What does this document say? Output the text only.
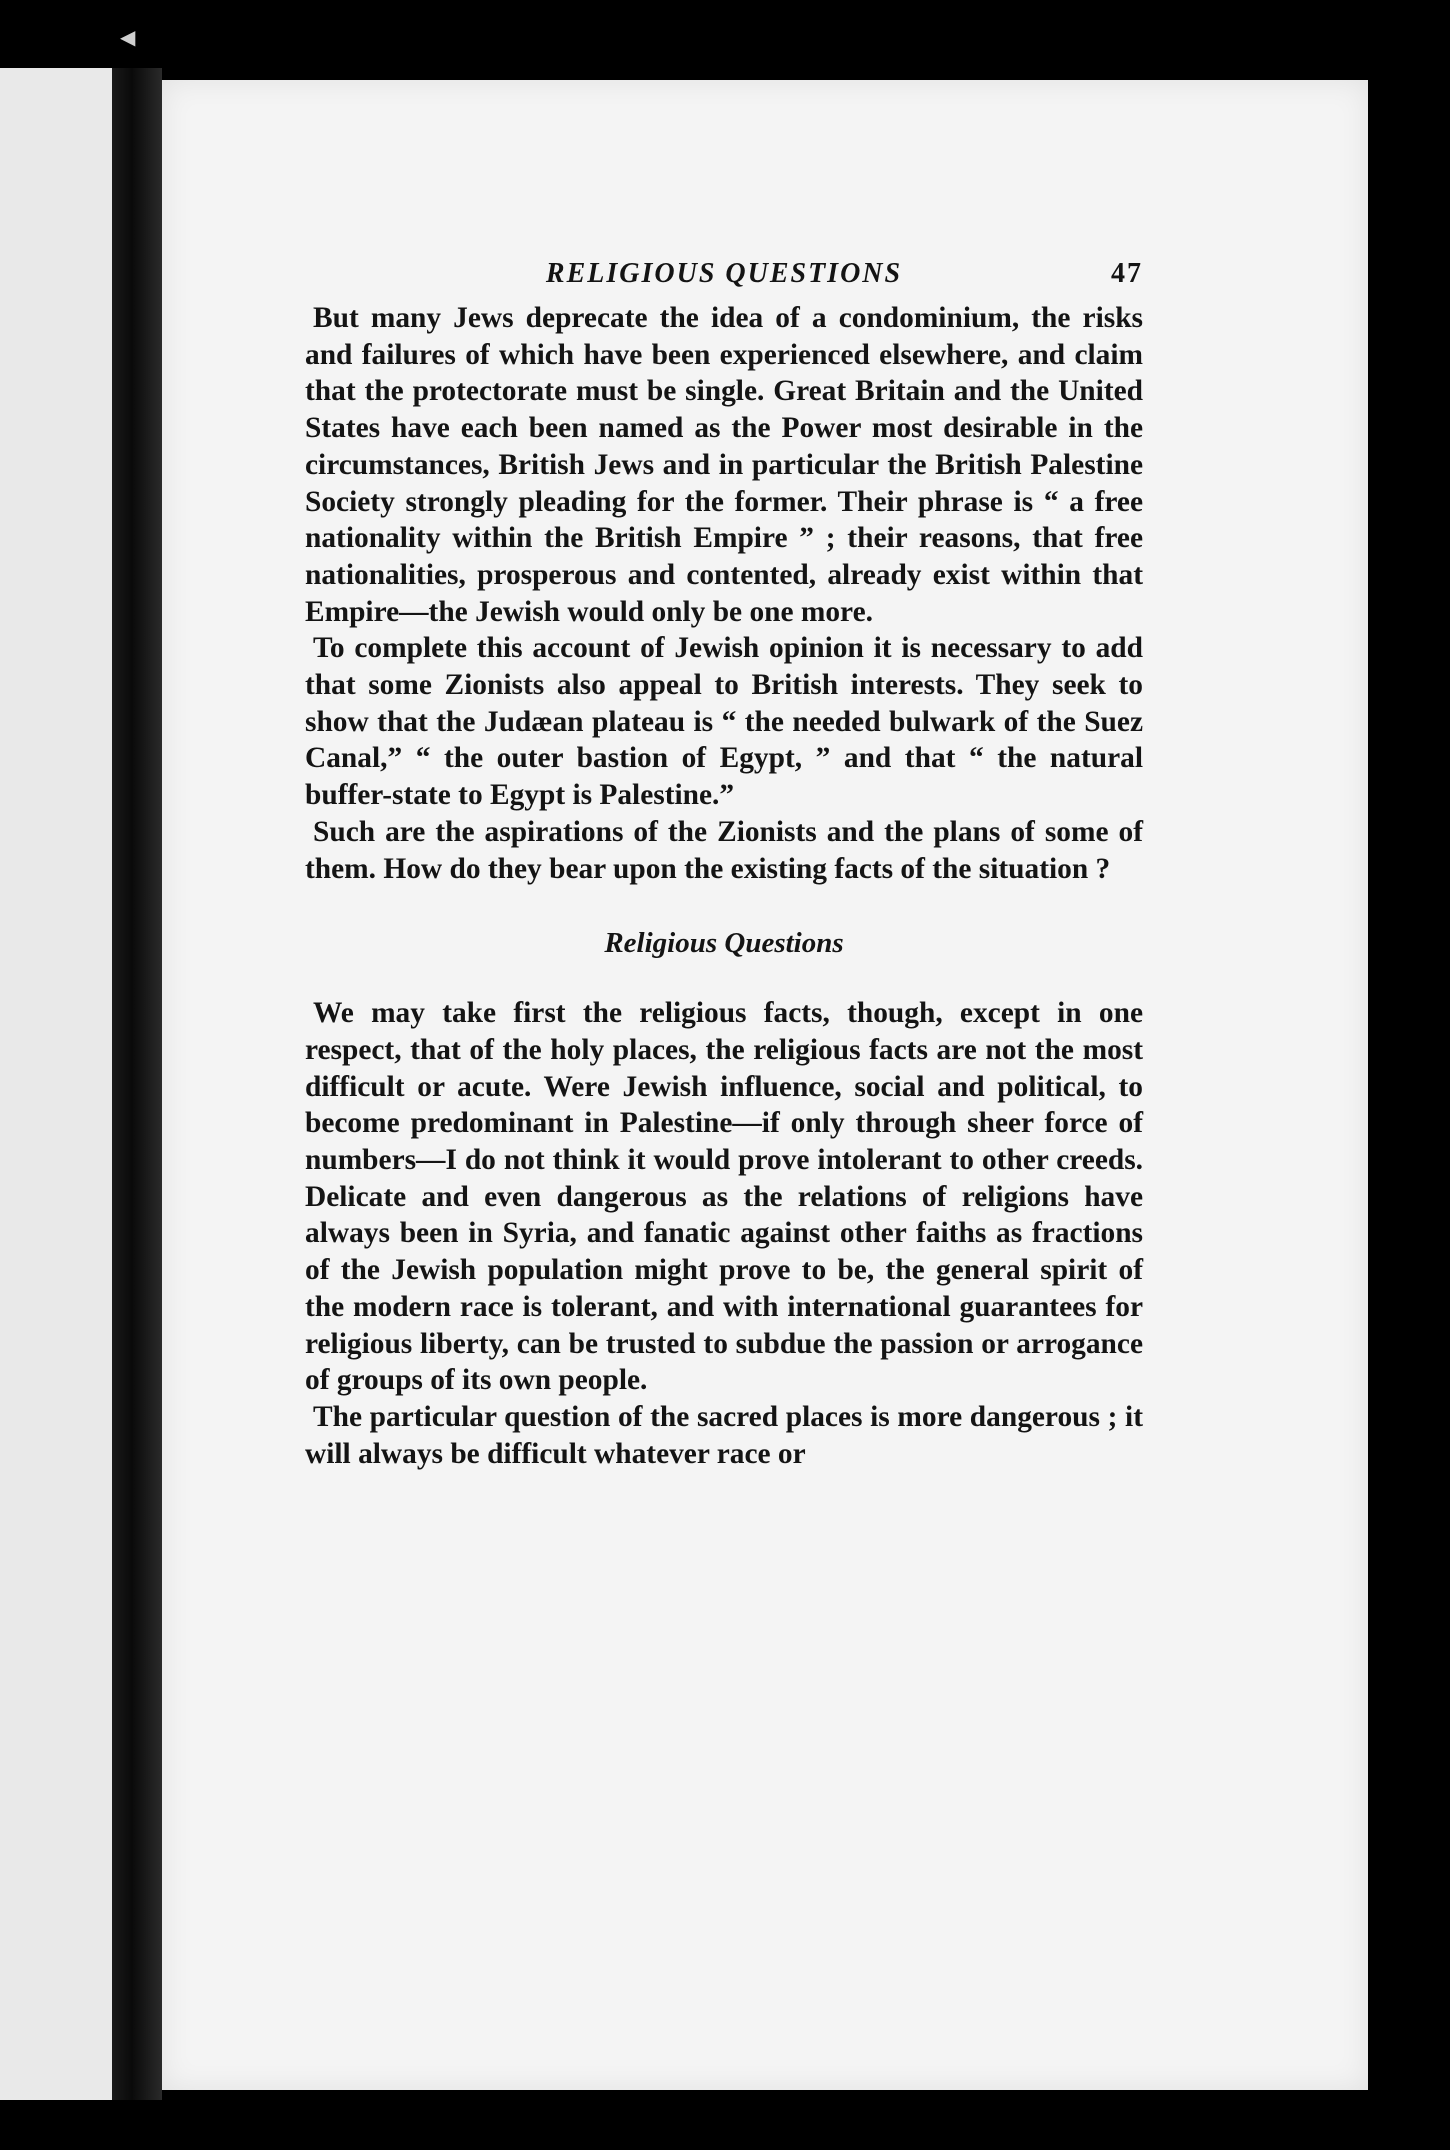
◀
RELIGIOUS QUESTIONS	47

But many Jews deprecate the idea of a condominium, the risks and failures of which have been experienced elsewhere, and claim that the protectorate must be single. Great Britain and the United States have each been named as the Power most desirable in the circumstances, British Jews and in particular the British Palestine Society strongly pleading for the former. Their phrase is “ a free nationality within the British Empire ” ; their reasons, that free nationalities, prosperous and contented, already exist within that Empire—the Jewish would only be one more.

To complete this account of Jewish opinion it is necessary to add that some Zionists also appeal to British interests. They seek to show that the Judæan plateau is “ the needed bulwark of the Suez Canal,” “ the outer bastion of Egypt, ” and that “ the natural buffer-state to Egypt is Palestine.”

Such are the aspirations of the Zionists and the plans of some of them. How do they bear upon the existing facts of the situation ?

Religious Questions

We may take first the religious facts, though, except in one respect, that of the holy places, the religious facts are not the most difficult or acute. Were Jewish influence, social and political, to become predominant in Palestine—if only through sheer force of numbers—I do not think it would prove intolerant to other creeds. Delicate and even dangerous as the relations of religions have always been in Syria, and fanatic against other faiths as fractions of the Jewish population might prove to be, the general spirit of the modern race is tolerant, and with international guarantees for religious liberty, can be trusted to subdue the passion or arrogance of groups of its own people.

The particular question of the sacred places is more dangerous ; it will always be difficult whatever race or
